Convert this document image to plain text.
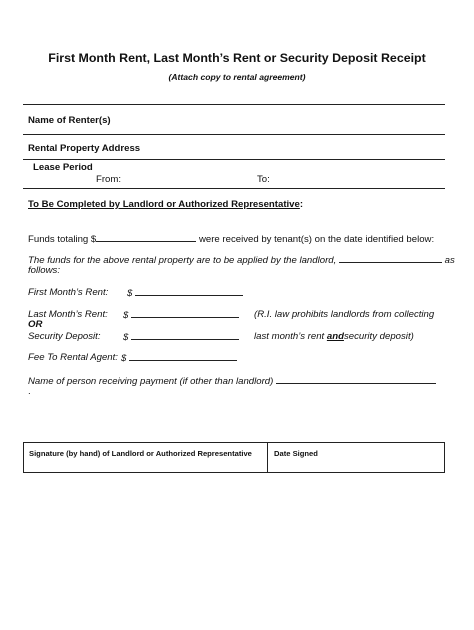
First Month Rent, Last Month’s Rent or Security Deposit Receipt
(Attach copy to rental agreement)
Name of Renter(s)
Rental Property Address
Lease Period
From:	To:
To Be Completed by Landlord or Authorized Representative:
Funds totaling $	were received by tenant(s) on the date identified below:
The funds for the above rental property are to be applied by the landlord,	as
follows:
First Month’s Rent: $
Last Month’s Rent: $	(R.I. law prohibits landlords from collecting
OR
Security Deposit: $	last month’s rent andsecurity deposit)
Fee To Rental Agent: $
Name of person receiving payment (if other than landlord)
.
Signature (by hand) of Landlord or Authorized Representative	Date Signed
